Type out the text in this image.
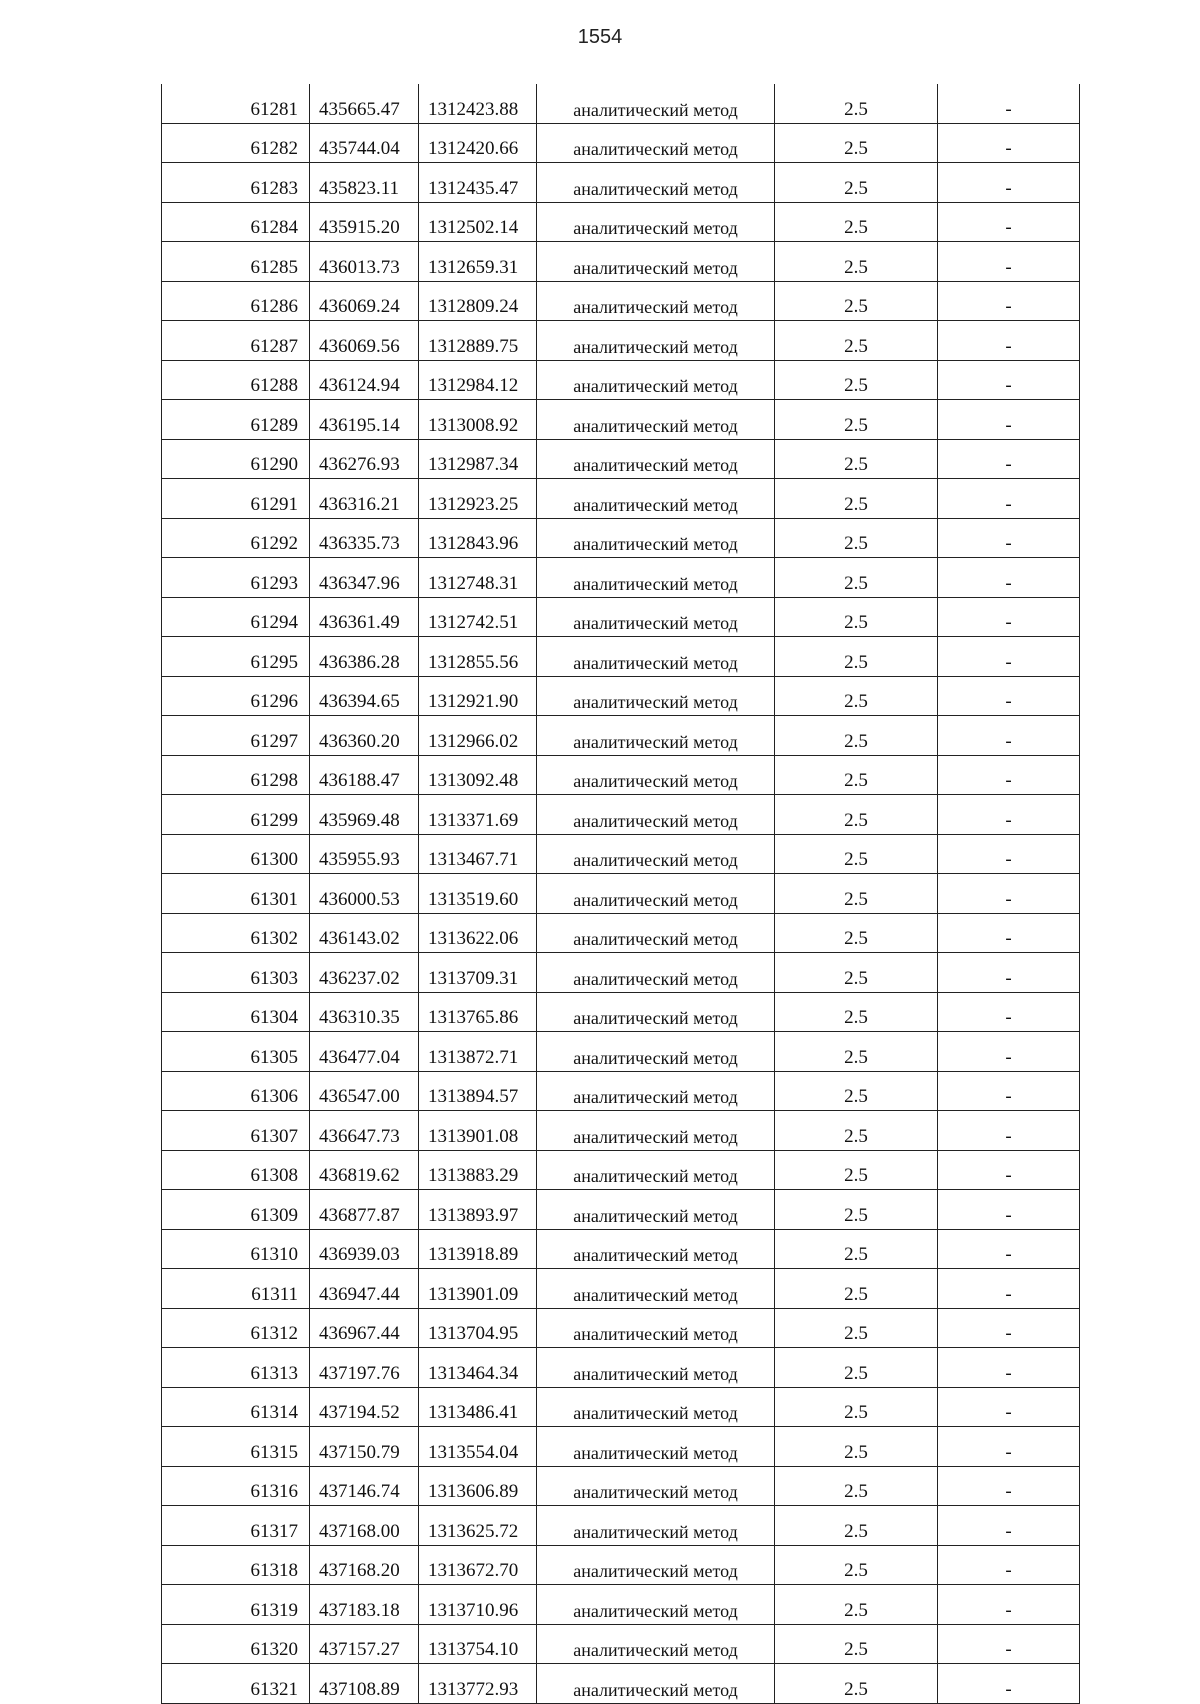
1554
61281	435665.47	1312423.88	аналитический метод	2.5	-
61282	435744.04	1312420.66	аналитический метод	2.5	-
61283	435823.11	1312435.47	аналитический метод	2.5	-
61284	435915.20	1312502.14	аналитический метод	2.5	-
61285	436013.73	1312659.31	аналитический метод	2.5	-
61286	436069.24	1312809.24	аналитический метод	2.5	-
61287	436069.56	1312889.75	аналитический метод	2.5	-
61288	436124.94	1312984.12	аналитический метод	2.5	-
61289	436195.14	1313008.92	аналитический метод	2.5	-
61290	436276.93	1312987.34	аналитический метод	2.5	-
61291	436316.21	1312923.25	аналитический метод	2.5	-
61292	436335.73	1312843.96	аналитический метод	2.5	-
61293	436347.96	1312748.31	аналитический метод	2.5	-
61294	436361.49	1312742.51	аналитический метод	2.5	-
61295	436386.28	1312855.56	аналитический метод	2.5	-
61296	436394.65	1312921.90	аналитический метод	2.5	-
61297	436360.20	1312966.02	аналитический метод	2.5	-
61298	436188.47	1313092.48	аналитический метод	2.5	-
61299	435969.48	1313371.69	аналитический метод	2.5	-
61300	435955.93	1313467.71	аналитический метод	2.5	-
61301	436000.53	1313519.60	аналитический метод	2.5	-
61302	436143.02	1313622.06	аналитический метод	2.5	-
61303	436237.02	1313709.31	аналитический метод	2.5	-
61304	436310.35	1313765.86	аналитический метод	2.5	-
61305	436477.04	1313872.71	аналитический метод	2.5	-
61306	436547.00	1313894.57	аналитический метод	2.5	-
61307	436647.73	1313901.08	аналитический метод	2.5	-
61308	436819.62	1313883.29	аналитический метод	2.5	-
61309	436877.87	1313893.97	аналитический метод	2.5	-
61310	436939.03	1313918.89	аналитический метод	2.5	-
61311	436947.44	1313901.09	аналитический метод	2.5	-
61312	436967.44	1313704.95	аналитический метод	2.5	-
61313	437197.76	1313464.34	аналитический метод	2.5	-
61314	437194.52	1313486.41	аналитический метод	2.5	-
61315	437150.79	1313554.04	аналитический метод	2.5	-
61316	437146.74	1313606.89	аналитический метод	2.5	-
61317	437168.00	1313625.72	аналитический метод	2.5	-
61318	437168.20	1313672.70	аналитический метод	2.5	-
61319	437183.18	1313710.96	аналитический метод	2.5	-
61320	437157.27	1313754.10	аналитический метод	2.5	-
61321	437108.89	1313772.93	аналитический метод	2.5	-
